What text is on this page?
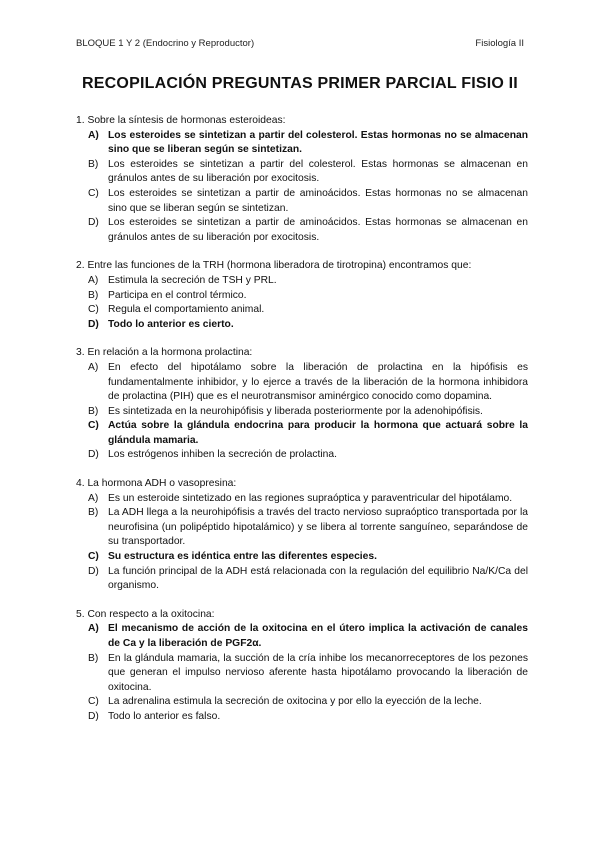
BLOQUE 1 Y 2 (Endocrino y Reproductor)	Fisiología II
RECOPILACIÓN PREGUNTAS PRIMER PARCIAL FISIO II
1. Sobre la síntesis de hormonas esteroideas:
A) Los esteroides se sintetizan a partir del colesterol. Estas hormonas no se almacenan sino que se liberan según se sintetizan.
B) Los esteroides se sintetizan a partir del colesterol. Estas hormonas se almacenan en gránulos antes de su liberación por exocitosis.
C) Los esteroides se sintetizan a partir de aminoácidos. Estas hormonas no se almacenan sino que se liberan según se sintetizan.
D) Los esteroides se sintetizan a partir de aminoácidos. Estas hormonas se almacenan en gránulos antes de su liberación por exocitosis.
2. Entre las funciones de la TRH (hormona liberadora de tirotropina) encontramos que:
A) Estimula la secreción de TSH y PRL.
B) Participa en el control térmico.
C) Regula el comportamiento animal.
D) Todo lo anterior es cierto.
3. En relación a la hormona prolactina:
A) En efecto del hipotálamo sobre la liberación de prolactina en la hipófisis es fundamentalmente inhibidor, y lo ejerce a través de la liberación de la hormona inhibidora de prolactina (PIH) que es el neurotransmisor aminérgico conocido como dopamina.
B) Es sintetizada en la neurohipófisis y liberada posteriormente por la adenohipófisis.
C) Actúa sobre la glándula endocrina para producir la hormona que actuará sobre la glándula mamaria.
D) Los estrógenos inhiben la secreción de prolactina.
4. La hormona ADH o vasopresina:
A) Es un esteroide sintetizado en las regiones supraóptica y paraventricular del hipotálamo.
B) La ADH llega a la neurohipófisis a través del tracto nervioso supraóptico transportada por la neurofisina (un polipéptido hipotalámico) y se libera al torrente sanguíneo, separándose de su transportador.
C) Su estructura es idéntica entre las diferentes especies.
D) La función principal de la ADH está relacionada con la regulación del equilibrio Na/K/Ca del organismo.
5. Con respecto a la oxitocina:
A) El mecanismo de acción de la oxitocina en el útero implica la activación de canales de Ca y la liberación de PGF2α.
B) En la glándula mamaria, la succión de la cría inhibe los mecanorreceptores de los pezones que generan el impulso nervioso aferente hasta hipotálamo provocando la liberación de oxitocina.
C) La adrenalina estimula la secreción de oxitocina y por ello la eyección de la leche.
D) Todo lo anterior es falso.
